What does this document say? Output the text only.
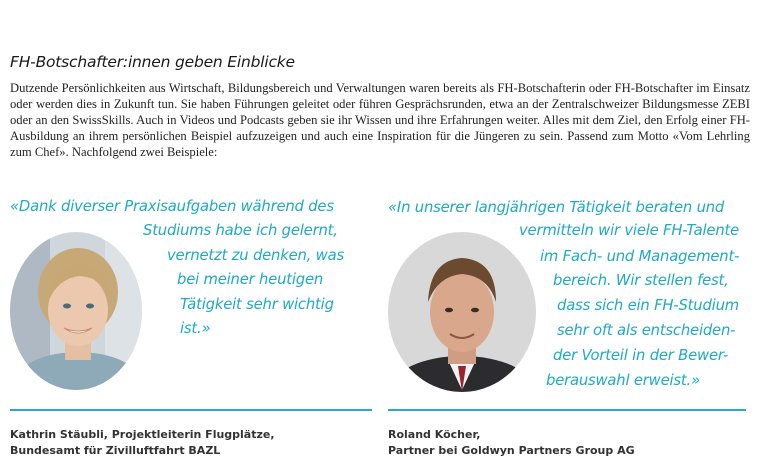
FH-Botschafter:innen geben Einblicke

Dutzende Persönlichkeiten aus Wirtschaft, Bildungsbereich und Verwaltungen waren bereits als FH-Botschafterin oder FH-Botschafter im Einsatz oder werden dies in Zukunft tun. Sie haben Führungen geleitet oder führen Gesprächsrunden, etwa an der Zentralschweizer Bildungsmesse ZEBI oder an den SwissSkills. Auch in Videos und Podcasts geben sie ihr Wissen und ihre Erfahrungen weiter. Alles mit dem Ziel, den Erfolg einer FH-Ausbildung an ihrem persönlichen Beispiel aufzuzeigen und auch eine Inspiration für die Jüngeren zu sein. Passend zum Motto «Vom Lehrling zum Chef». Nachfolgend zwei Beispiele:

«Dank diverser Praxisaufgaben während des

Studiums habe ich gelernt,

vernetzt zu denken, was

bei meiner heutigen

Tätigkeit sehr wichtig

ist.»

Kathrin Stäubli, Projektleiterin Flugplätze,
Bundesamt für Zivilluftfahrt BAZL

«In unserer langjährigen Tätigkeit beraten und

vermitteln wir viele FH-Talente

im Fach- und Management-

bereich. Wir stellen fest,

dass sich ein FH-Studium

sehr oft als entscheiden-

der Vorteil in der Bewer-

berauswahl erweist.»

Roland Köcher,
Partner bei Goldwyn Partners Group AG
